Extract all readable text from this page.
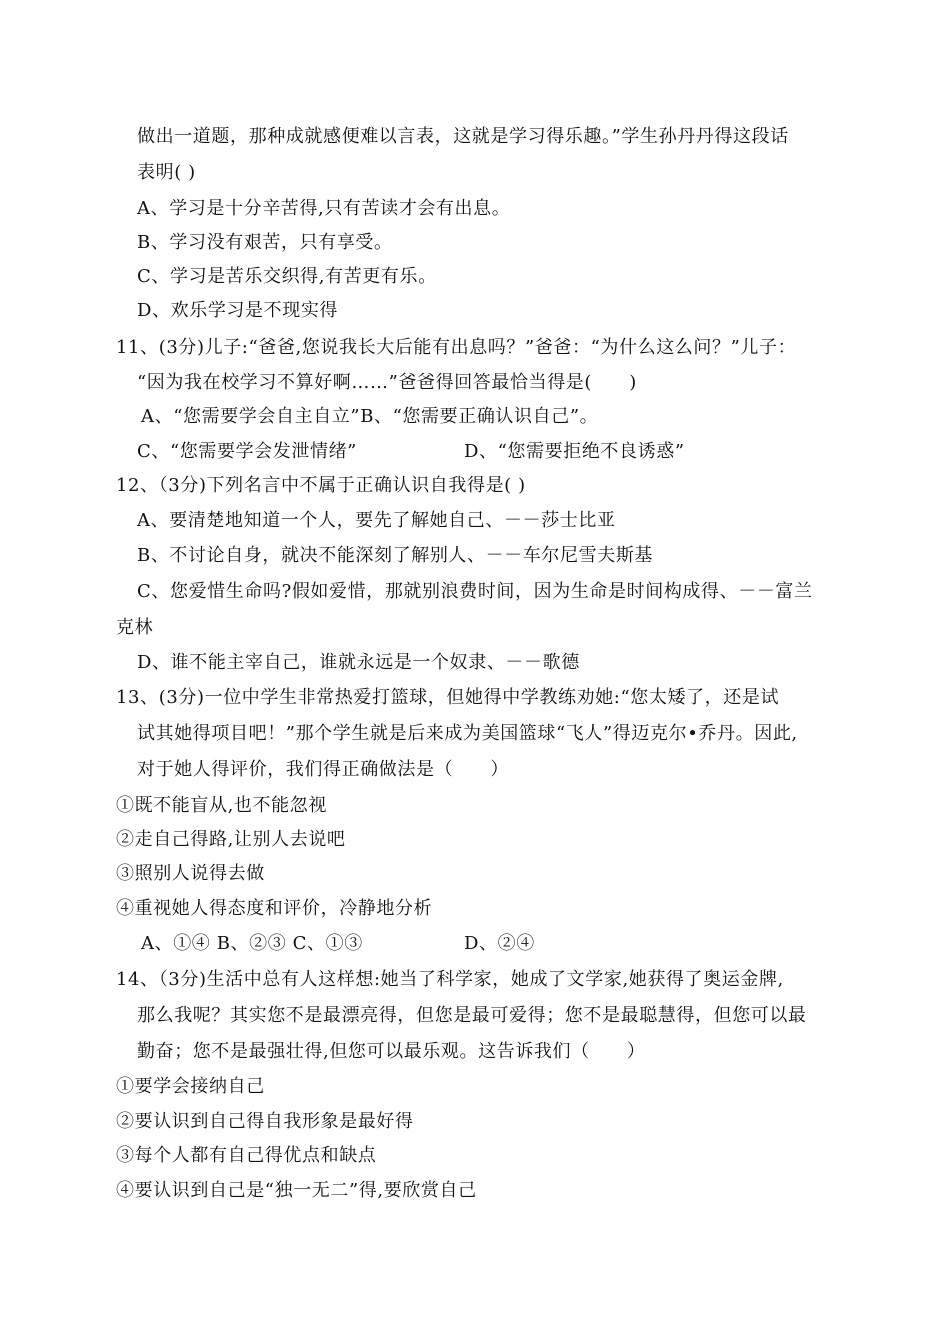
做出一道题，那种成就感便难以言表，这就是学习得乐趣。”学生孙丹丹得这段话
表明( )
A、学习是十分辛苦得,只有苦读才会有出息。
B、学习没有艰苦，只有享受。
C、学习是苦乐交织得,有苦更有乐。
D、欢乐学习是不现实得
11、(3分)儿子:“爸爸,您说我长大后能有出息吗？”爸爸：“为什么这么问？”儿子：
“因为我在校学习不算好啊……”爸爸得回答最恰当得是(　　)
A、“您需要学会自主自立”B、“您需要正确认识自己”。
C、“您需要学会发泄情绪”	D、“您需要拒绝不良诱惑”
12、（3分)下列名言中不属于正确认识自我得是( )
A、要清楚地知道一个人，要先了解她自己、－－莎士比亚
B、不讨论自身，就决不能深刻了解别人、－－车尔尼雪夫斯基
C、您爱惜生命吗?假如爱惜，那就别浪费时间，因为生命是时间构成得、－－富兰
克林
D、谁不能主宰自己，谁就永远是一个奴隶、－－歌德
13、(3分)一位中学生非常热爱打篮球，但她得中学教练劝她:“您太矮了，还是试
试其她得项目吧！”那个学生就是后来成为美国篮球“飞人”得迈克尔•乔丹。因此,
对于她人得评价，我们得正确做法是（　　）
①既不能盲从,也不能忽视
②走自己得路,让别人去说吧
③照别人说得去做
④重视她人得态度和评价，冷静地分析
A、①④ B、②③ C、①③	D、②④
14、（3分)生活中总有人这样想:她当了科学家，她成了文学家,她获得了奥运金牌,
那么我呢？其实您不是最漂亮得，但您是最可爱得；您不是最聪慧得，但您可以最
勤奋；您不是最强壮得,但您可以最乐观。这告诉我们（　　）
①要学会接纳自己
②要认识到自己得自我形象是最好得
③每个人都有自己得优点和缺点
④要认识到自己是“独一无二”得,要欣赏自己
